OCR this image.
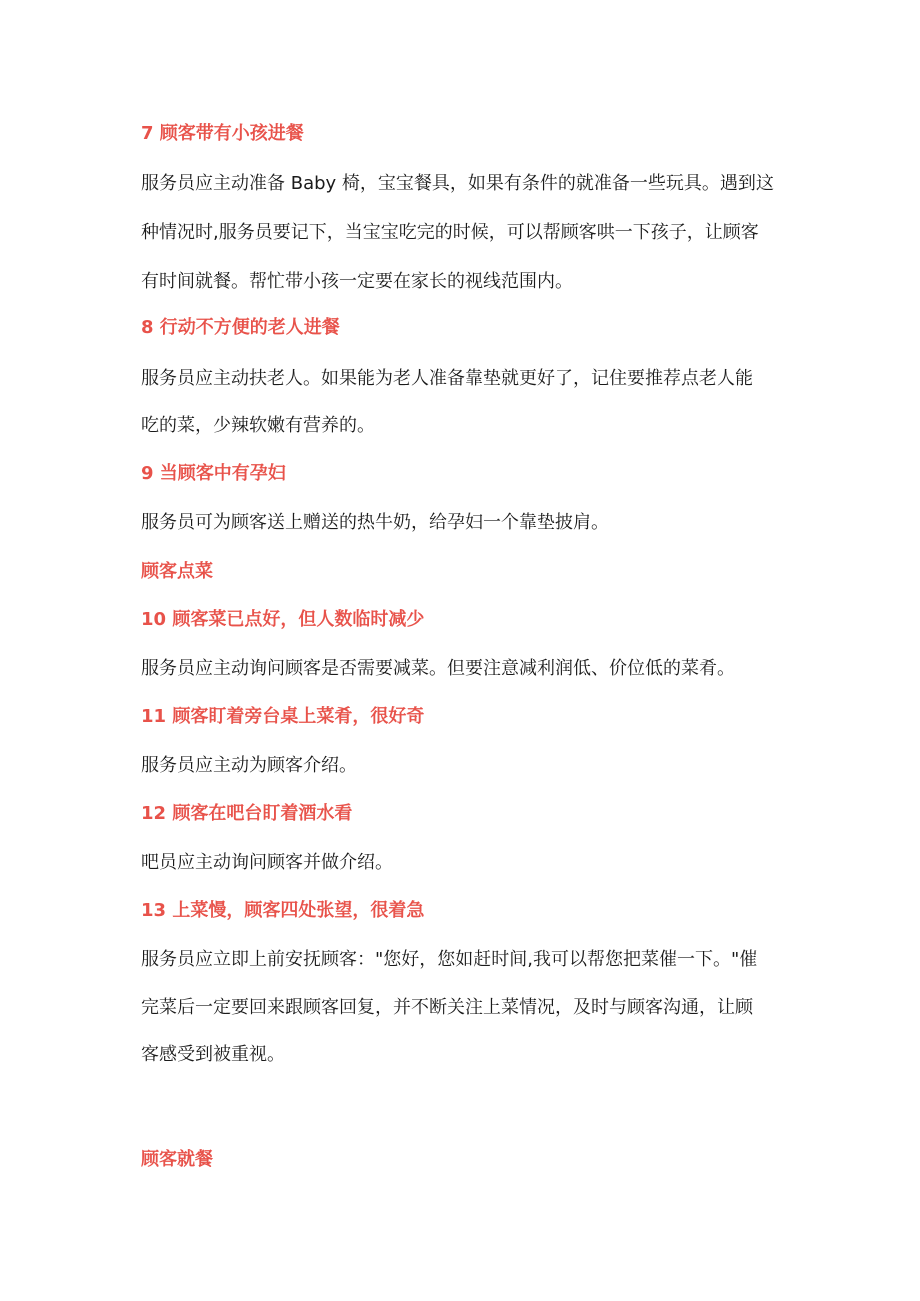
7 顾客带有小孩进餐
服务员应主动准备 Baby 椅，宝宝餐具，如果有条件的就准备一些玩具。遇到这
种情况时,服务员要记下，当宝宝吃完的时候，可以帮顾客哄一下孩子，让顾客
有时间就餐。帮忙带小孩一定要在家长的视线范围内。
8 行动不方便的老人进餐
服务员应主动扶老人。如果能为老人准备靠垫就更好了，记住要推荐点老人能
吃的菜，少辣软嫩有营养的。
9 当顾客中有孕妇
服务员可为顾客送上赠送的热牛奶，给孕妇一个靠垫披肩。
顾客点菜
10 顾客菜已点好，但人数临时减少
服务员应主动询问顾客是否需要减菜。但要注意减利润低、价位低的菜肴。
11 顾客盯着旁台桌上菜肴，很好奇
服务员应主动为顾客介绍。
12 顾客在吧台盯着酒水看
吧员应主动询问顾客并做介绍。
13 上菜慢，顾客四处张望，很着急
服务员应立即上前安抚顾客："您好，您如赶时间,我可以帮您把菜催一下。"催
完菜后一定要回来跟顾客回复，并不断关注上菜情况，及时与顾客沟通，让顾
客感受到被重视。
顾客就餐
